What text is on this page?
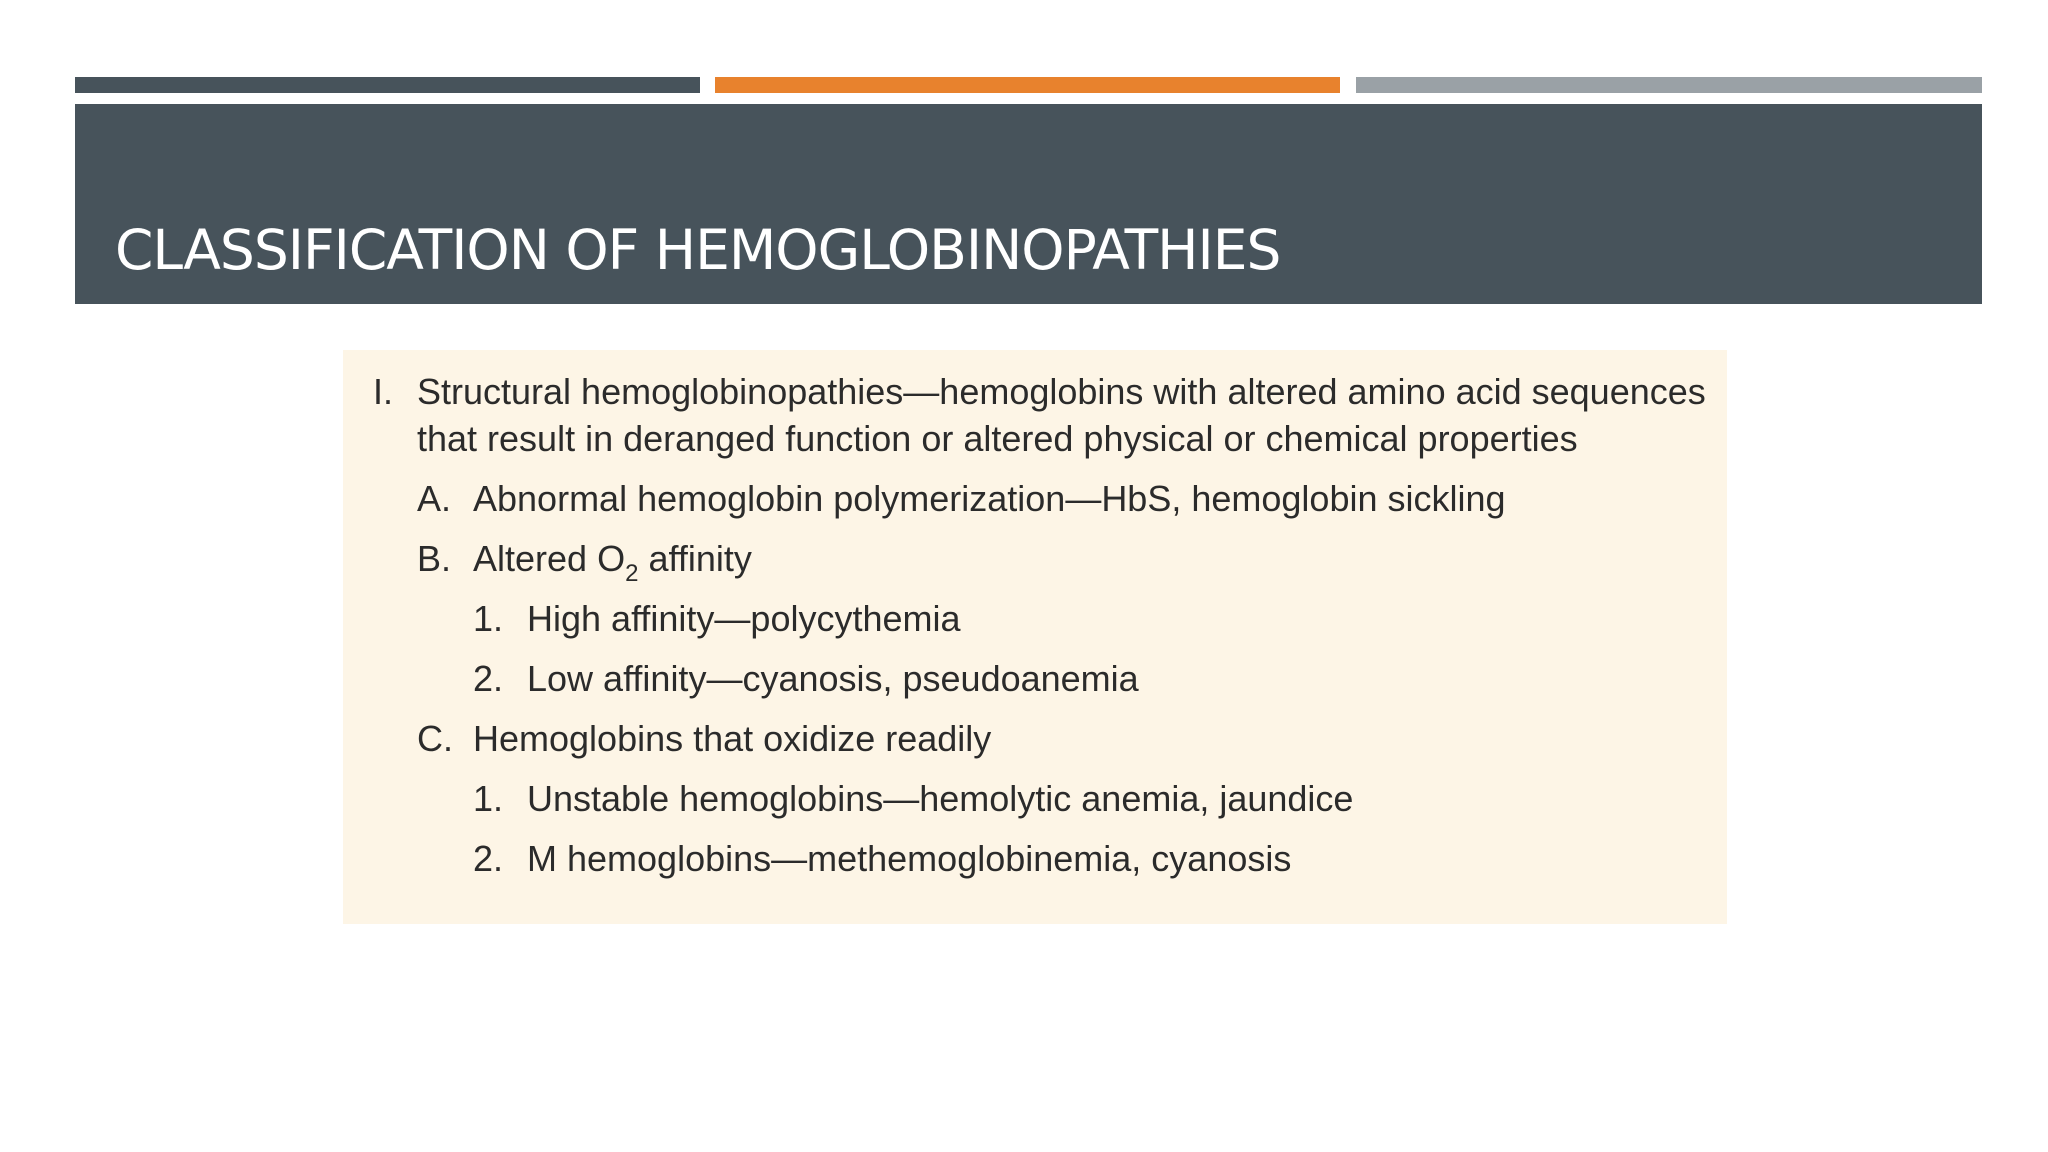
CLASSIFICATION OF HEMOGLOBINOPATHIES
I. Structural hemoglobinopathies—hemoglobins with altered amino acid sequences that result in deranged function or altered physical or chemical properties
A. Abnormal hemoglobin polymerization—HbS, hemoglobin sickling
B. Altered $O_2$ affinity
1. High affinity—polycythemia
2. Low affinity—cyanosis, pseudoanemia
C. Hemoglobins that oxidize readily
1. Unstable hemoglobins—hemolytic anemia, jaundice
2. M hemoglobins—methemoglobinemia, cyanosis
